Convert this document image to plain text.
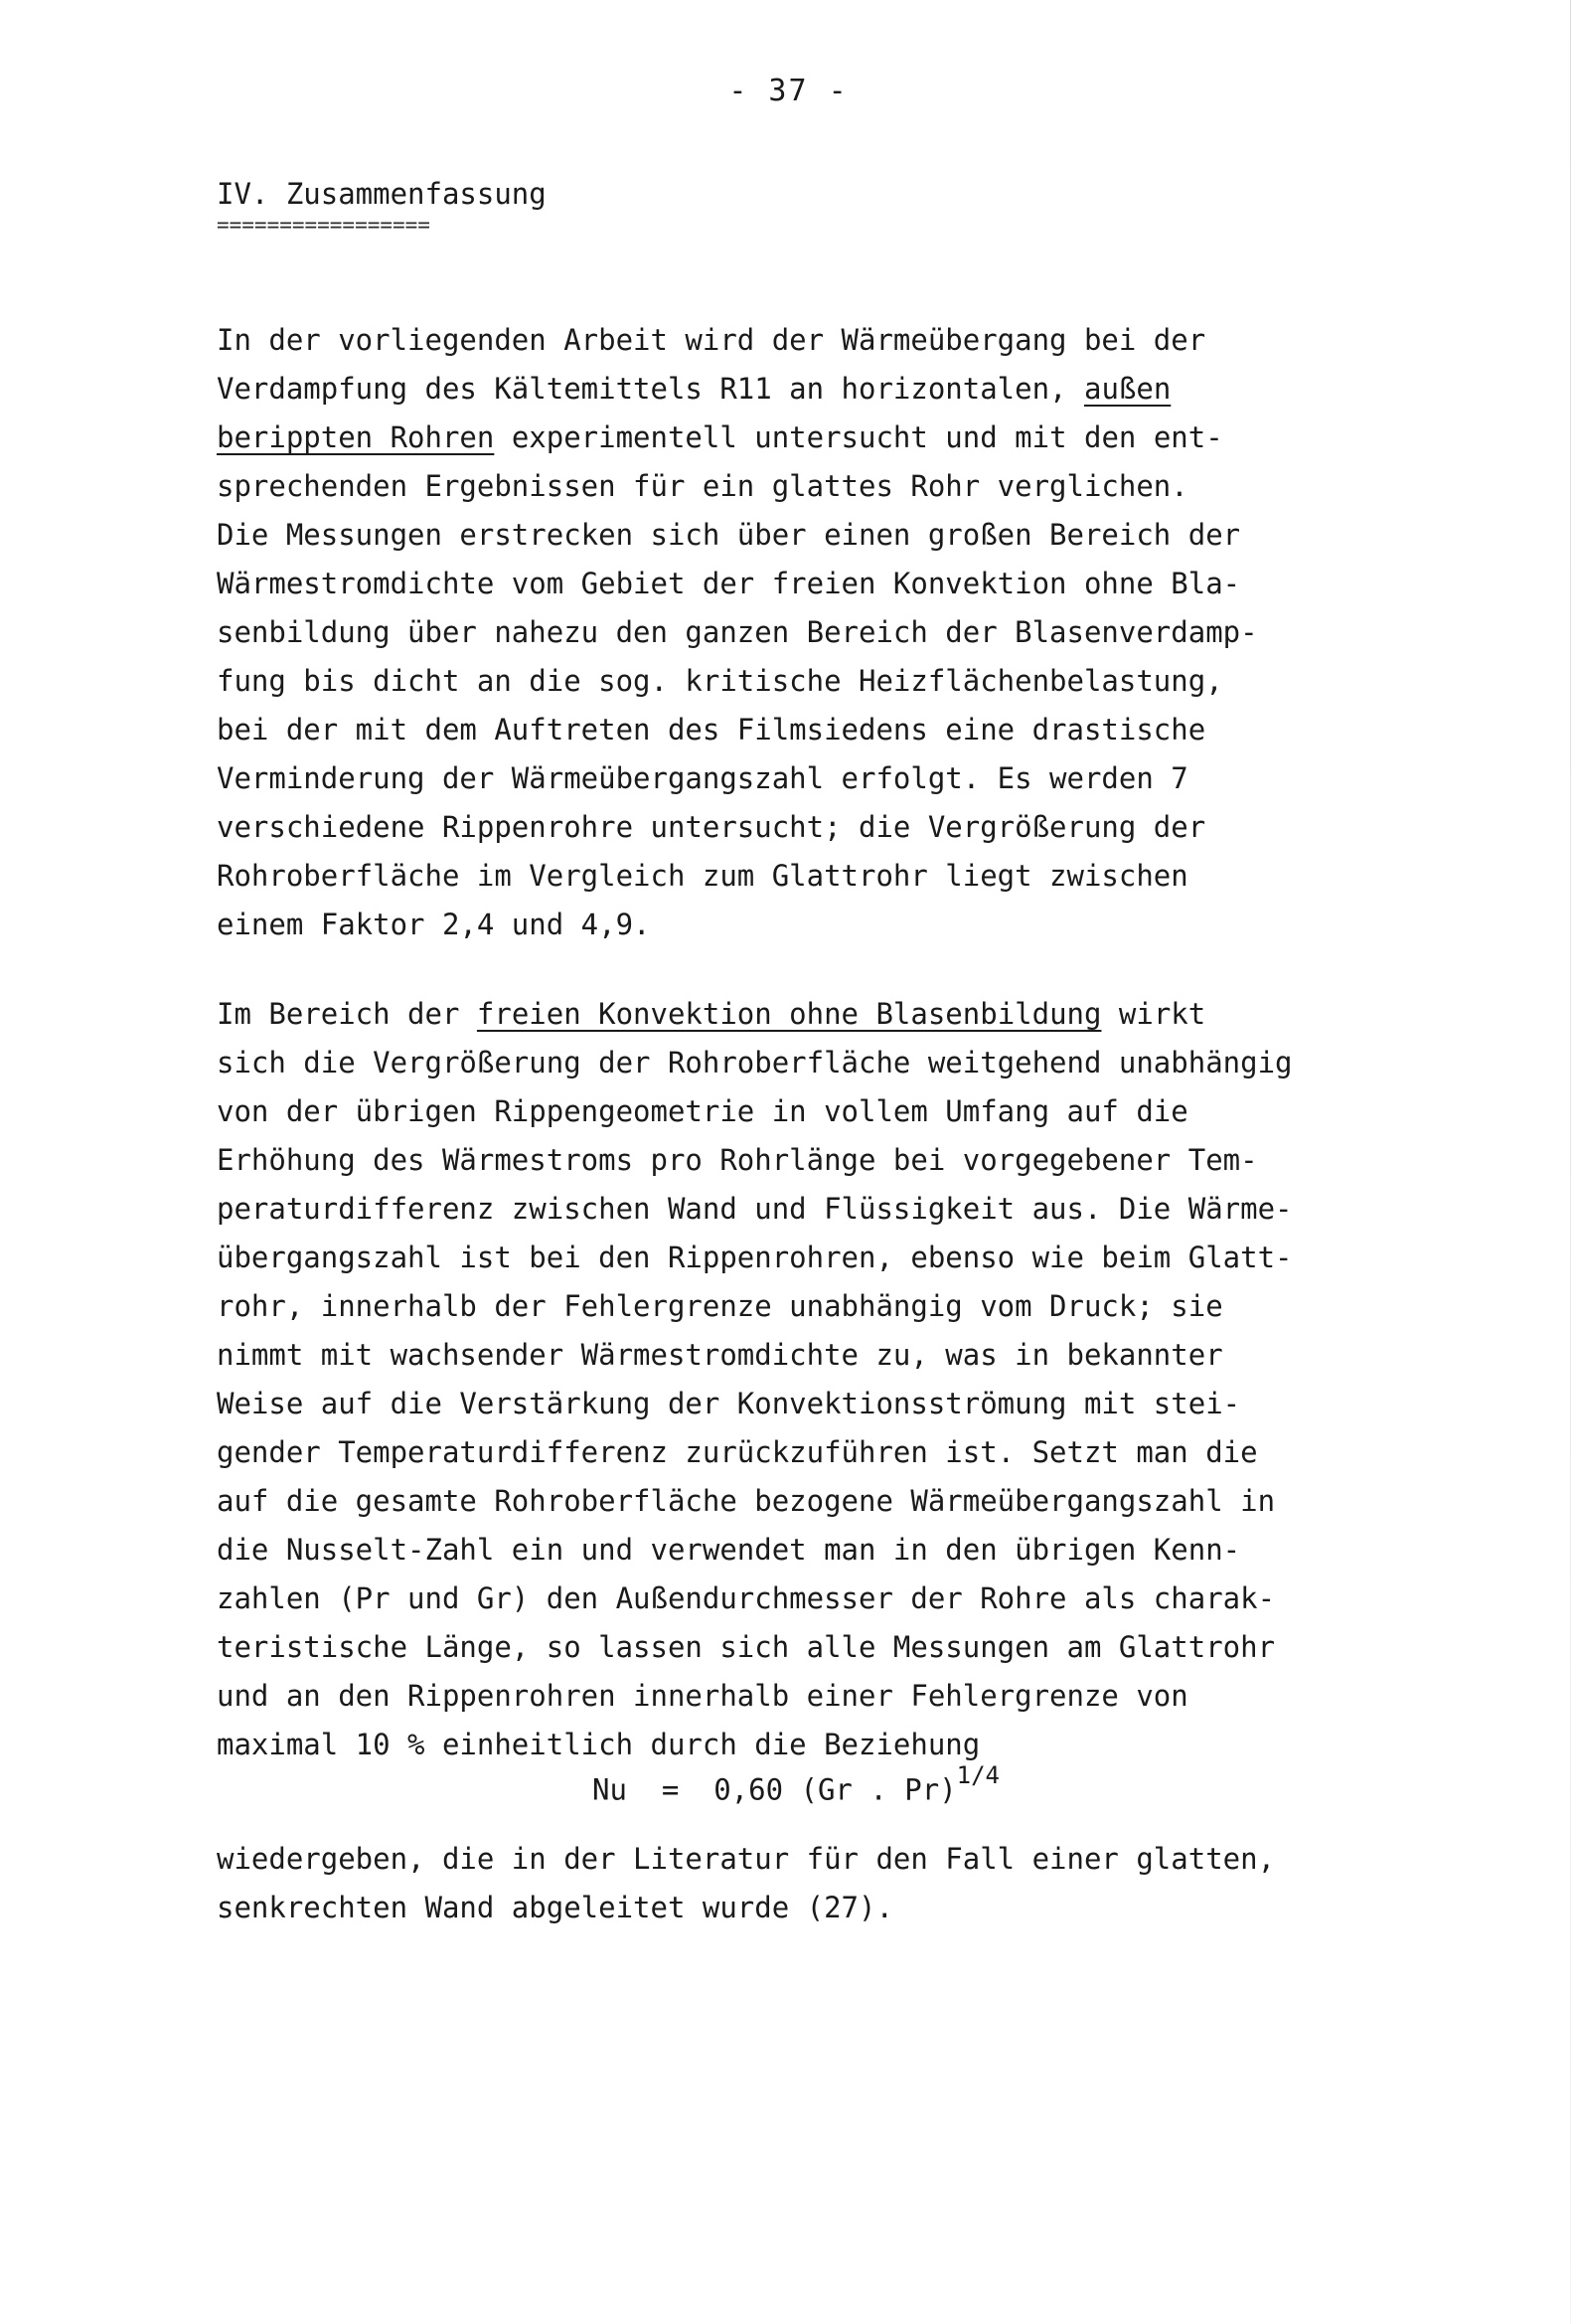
- 37 -
IV. Zusammenfassung
=================
In der vorliegenden Arbeit wird der Wärmeübergang bei der
Verdampfung des Kältemittels R11 an horizontalen, außen
berippten Rohren experimentell untersucht und mit den ent-
sprechenden Ergebnissen für ein glattes Rohr verglichen.
Die Messungen erstrecken sich über einen großen Bereich der
Wärmestromdichte vom Gebiet der freien Konvektion ohne Bla-
senbildung über nahezu den ganzen Bereich der Blasenverdamp-
fung bis dicht an die sog. kritische Heizflächenbelastung,
bei der mit dem Auftreten des Filmsiedens eine drastische
Verminderung der Wärmeübergangszahl erfolgt. Es werden 7
verschiedene Rippenrohre untersucht; die Vergrößerung der
Rohroberfläche im Vergleich zum Glattrohr liegt zwischen
einem Faktor 2,4 und 4,9.
Im Bereich der freien Konvektion ohne Blasenbildung wirkt
sich die Vergrößerung der Rohroberfläche weitgehend unabhängig
von der übrigen Rippengeometrie in vollem Umfang auf die
Erhöhung des Wärmestroms pro Rohrlänge bei vorgegebener Tem-
peraturdifferenz zwischen Wand und Flüssigkeit aus. Die Wärme-
übergangszahl ist bei den Rippenrohren, ebenso wie beim Glatt-
rohr, innerhalb der Fehlergrenze unabhängig vom Druck; sie
nimmt mit wachsender Wärmestromdichte zu, was in bekannter
Weise auf die Verstärkung der Konvektionsströmung mit stei-
gender Temperaturdifferenz zurückzuführen ist. Setzt man die
auf die gesamte Rohroberfläche bezogene Wärmeübergangszahl in
die Nusselt-Zahl ein und verwendet man in den übrigen Kenn-
zahlen (Pr und Gr) den Außendurchmesser der Rohre als charak-
teristische Länge, so lassen sich alle Messungen am Glattrohr
und an den Rippenrohren innerhalb einer Fehlergrenze von
maximal 10 % einheitlich durch die Beziehung
Nu  =  0,60 (Gr . Pr)$^{1/4}$
wiedergeben, die in der Literatur für den Fall einer glatten,
senkrechten Wand abgeleitet wurde (27).
